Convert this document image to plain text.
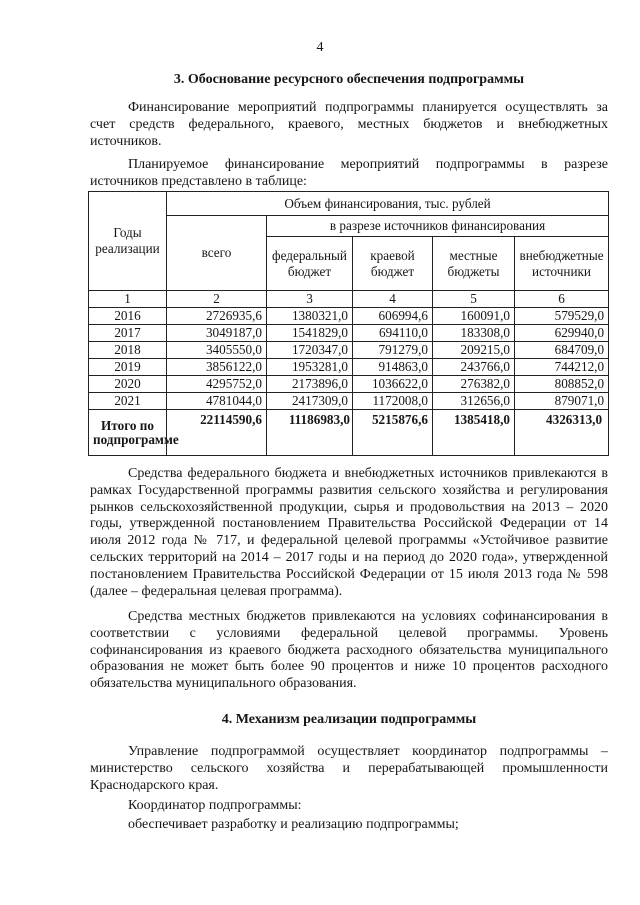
4
3. Обоснование ресурсного обеспечения подпрограммы
Финансирование мероприятий подпрограммы планируется осуществлять за счет средств федерального, краевого, местных бюджетов и внебюджетных источников.
Планируемое финансирование мероприятий подпрограммы в разрезе источников представлено в таблице:
Годы реализации	Объем финансирования, тыс. рублей				
	всего	в разрезе источников финансирования			
		федеральный бюджет	краевой бюджет	местные бюджеты	внебюджетные источники
1	2	3	4	5	6
2016	2726935,6	1380321,0	606994,6	160091,0	579529,0
2017	3049187,0	1541829,0	694110,0	183308,0	629940,0
2018	3405550,0	1720347,0	791279,0	209215,0	684709,0
2019	3856122,0	1953281,0	914863,0	243766,0	744212,0
2020	4295752,0	2173896,0	1036622,0	276382,0	808852,0
2021	4781044,0	2417309,0	1172008,0	312656,0	879071,0
Итого по подпрограмме	22114590,6	11186983,0	5215876,6	1385418,0	4326313,0
Средства федерального бюджета и внебюджетных источников привлекаются в рамках Государственной программы развития сельского хозяйства и регулирования рынков сельскохозяйственной продукции, сырья и продовольствия на 2013 – 2020 годы, утвержденной постановлением Правительства Российской Федерации от 14 июля 2012 года № 717, и федеральной целевой программы «Устойчивое развитие сельских территорий на 2014 – 2017 годы и на период до 2020 года», утвержденной постановлением Правительства Российской Федерации от 15 июля 2013 года № 598 (далее – федеральная целевая программа).
Средства местных бюджетов привлекаются на условиях софинансирования в соответствии с условиями федеральной целевой программы. Уровень софинансирования из краевого бюджета расходного обязательства муниципального образования не может быть более 90 процентов и ниже 10 процентов расходного обязательства муниципального образования.
4. Механизм реализации подпрограммы
Управление подпрограммой осуществляет координатор подпрограммы – министерство сельского хозяйства и перерабатывающей промышленности Краснодарского края.
Координатор подпрограммы:
обеспечивает разработку и реализацию подпрограммы;
